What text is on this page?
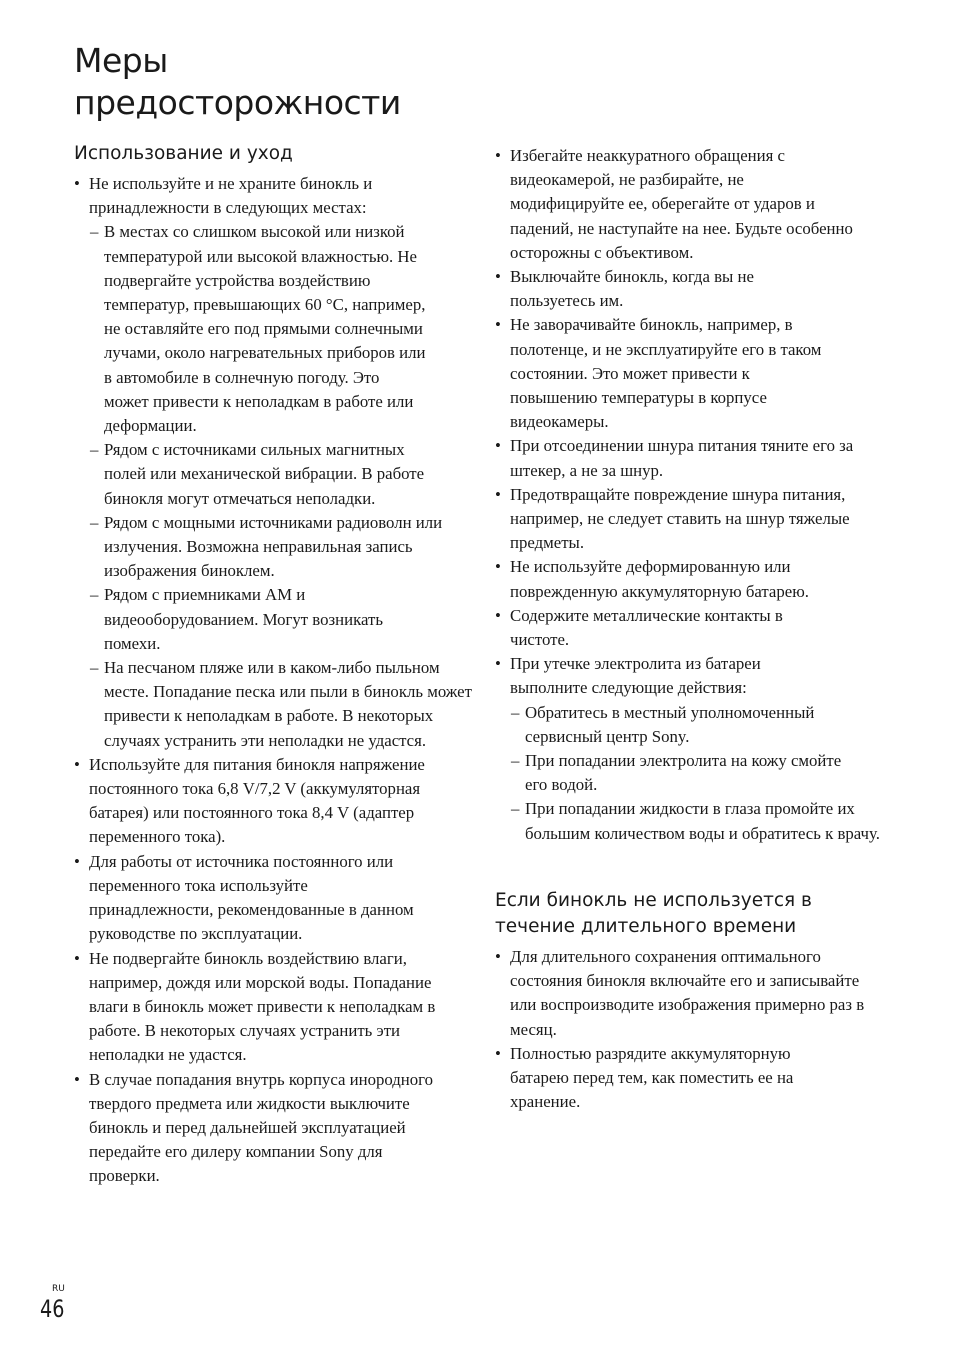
Меры
предосторожности
Использование и уход
• Не используйте и не храните бинокль и принадлежности в следующих местах:
– В местах со слишком высокой или низкой температурой или высокой влажностью. Не подвергайте устройства воздействию температур, превышающих 60 °C, например, не оставляйте его под прямыми солнечными лучами, около нагревательных приборов или в автомобиле в солнечную погоду. Это может привести к неполадкам в работе или деформации.
– Рядом с источниками сильных магнитных полей или механической вибрации. В работе бинокля могут отмечаться неполадки.
– Рядом с мощными источниками радиоволн или излучения. Возможна неправильная запись изображения биноклем.
– Рядом с приемниками AM и видеооборудованием. Могут возникать помехи.
– На песчаном пляже или в каком-либо пыльном месте. Попадание песка или пыли в бинокль может привести к неполадкам в работе. В некоторых случаях устранить эти неполадки не удастся.
• Используйте для питания бинокля напряжение постоянного тока 6,8 V/7,2 V (аккумуляторная батарея) или постоянного тока 8,4 V (адаптер переменного тока).
• Для работы от источника постоянного или переменного тока используйте принадлежности, рекомендованные в данном руководстве по эксплуатации.
• Не подвергайте бинокль воздействию влаги, например, дождя или морской воды. Попадание влаги в бинокль может привести к неполадкам в работе. В некоторых случаях устранить эти неполадки не удастся.
• В случае попадания внутрь корпуса инородного твердого предмета или жидкости выключите бинокль и перед дальнейшей эксплуатацией передайте его дилеру компании Sony для проверки.
• Избегайте неаккуратного обращения с видеокамерой, не разбирайте, не модифицируйте ее, оберегайте от ударов и падений, не наступайте на нее. Будьте особенно осторожны с объективом.
• Выключайте бинокль, когда вы не пользуетесь им.
• Не заворачивайте бинокль, например, в полотенце, и не эксплуатируйте его в таком состоянии. Это может привести к повышению температуры в корпусе видеокамеры.
• При отсоединении шнура питания тяните его за штекер, а не за шнур.
• Предотвращайте повреждение шнура питания, например, не следует ставить на шнур тяжелые предметы.
• Не используйте деформированную или поврежденную аккумуляторную батарею.
• Содержите металлические контакты в чистоте.
• При утечке электролита из батареи выполните следующие действия:
– Обратитесь в местный уполномоченный сервисный центр Sony.
– При попадании электролита на кожу смойте его водой.
– При попадании жидкости в глаза промойте их большим количеством воды и обратитесь к врачу.
Если бинокль не используется в
течение длительного времени
• Для длительного сохранения оптимального состояния бинокля включайте его и записывайте или воспроизводите изображения примерно раз в месяц.
• Полностью разрядите аккумуляторную батарею перед тем, как поместить ее на хранение.
RU
46
